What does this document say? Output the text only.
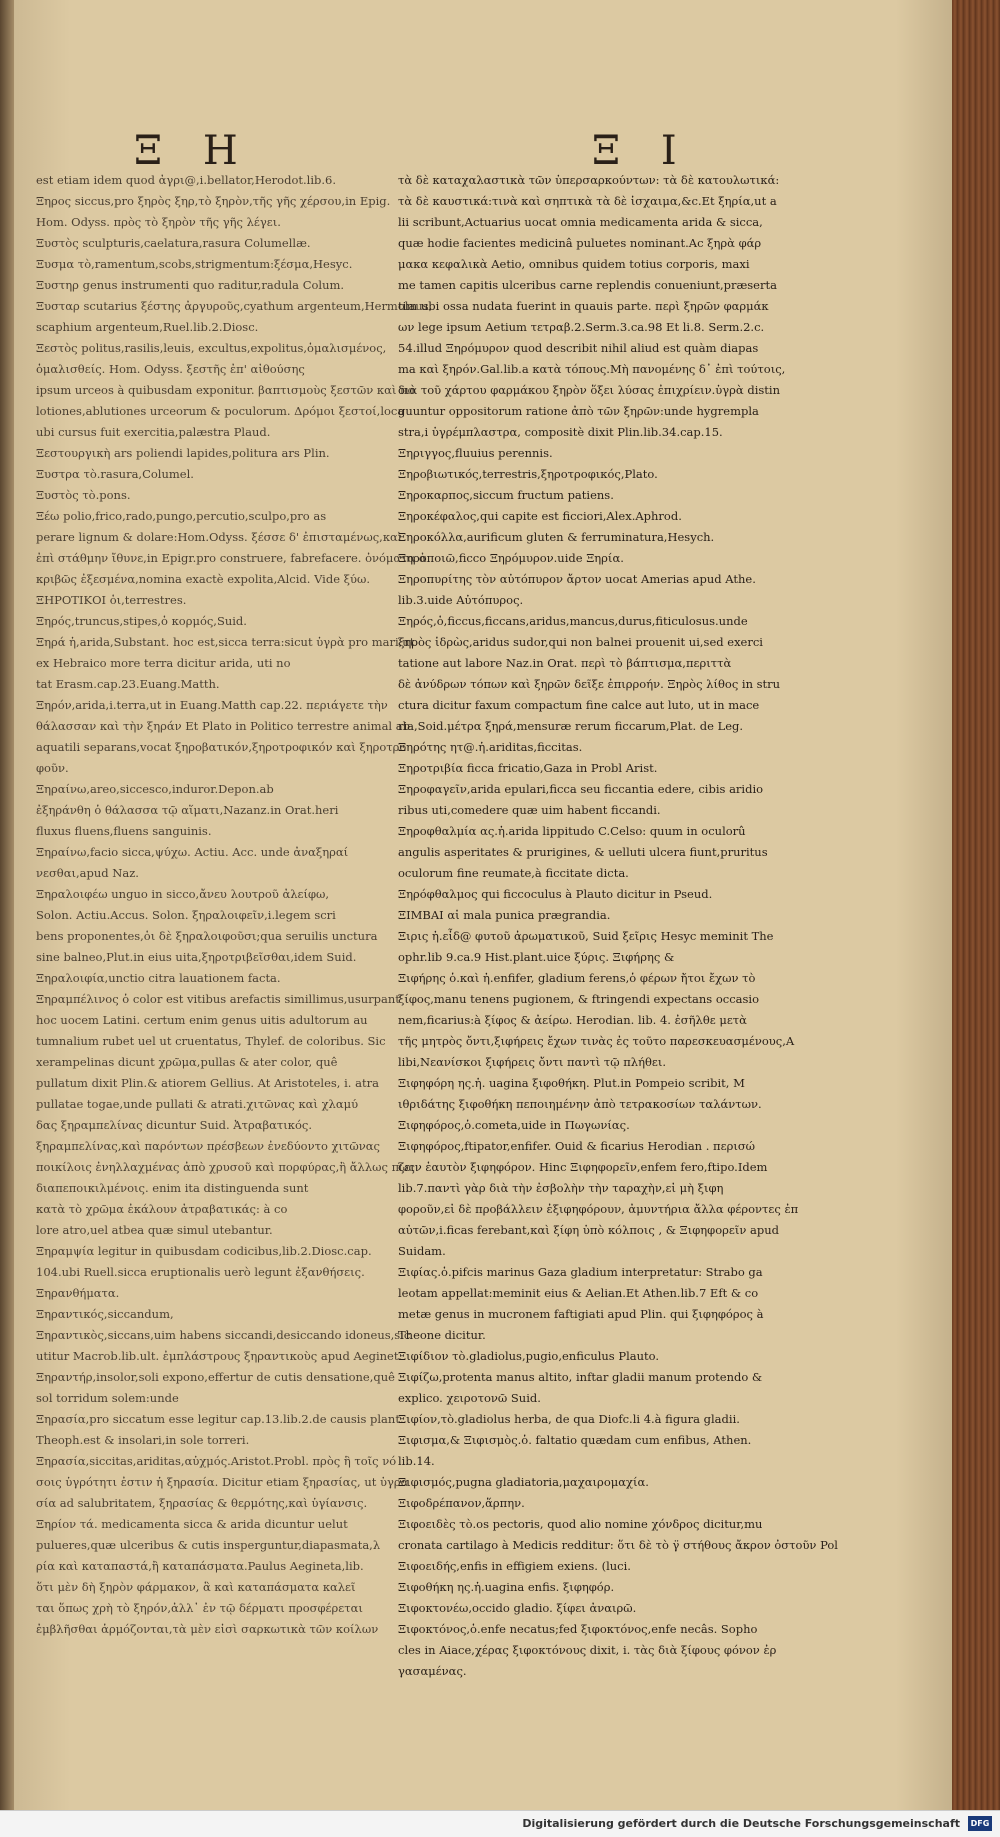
Ξ Η	Ξ Ι
est etiam idem quod ἀγρι@,i.bellator,Herodot.lib.6.
Ξηρος siccus,pro ξηρὸς ξηρ,τὸ ξηρὸν,τῆς γῆς χέρσου,in Epig.
Hom. Odyss. πρὸς τὸ ξηρὸν τῆς γῆς λέγει.
Ξυστὸς sculpturis,caelatura,rasura Columellæ.
Ξυσμα τὸ,ramentum,scobs,strigmentum:ξέσμα,Hesyc.
Ξυστηρ genus instrumenti quo raditur,radula Colum.
Ξυσταρ scutarius ξέστης ἀργυροῦς,cyathum argenteum,Hermolaus,
scaphium argenteum,Ruel.lib.2.Diosc.
Ξεστὸς politus,rasilis,leuis, excultus,expolitus,ὁμαλισμένος,
ὁμαλισθείς. Hom. Odyss. ξεστῆς ἐπ' αἰθούσης
ipsum urceos à quibusdam exponitur. βαπτισμοὺς ξεστῶν καὶ πο
lotiones,ablutiones urceorum & poculorum. Δρόμοι ξεστοί,loca
ubi cursus fuit exercitia,palæstra Plaud.
Ξεστουργικὴ ars poliendi lapides,politura ars Plin.
Ξυστρα τὸ.rasura,Columel.
Ξυστὸς τὸ.pons.
Ξέω polio,frico,rado,pungo,percutio,sculpo,pro as
perare lignum & dolare:Hom.Odyss. ξέσσε δ' ἐπισταμένως,καὶ
ἐπὶ στάθμην ἴθυνε,in Epigr.pro construere, fabrefacere. ὀνόματα ἀ
κριβῶς ἐξεσμένα,nomina exactè expolita,Alcid. Vide ξύω.
ΞΗΡΟΤΙΚΟΙ ὁι,terrestres.
Ξηρός,truncus,stipes,ὁ κορμός,Suid.
Ξηρά ἡ,arida,Substant. hoc est,sicca terra:sicut ὑγρὰ pro mari,ut
ex Hebraico more terra dicitur arida, uti no
tat Erasm.cap.23.Euang.Matth.
Ξηρόν,arida,i.terra,ut in Euang.Matth cap.22. περιάγετε τὴν
θάλασσαν καὶ τὴν ξηράν Et Plato in Politico terrestre animal ab
aquatili separans,vocat ξηροβατικόν,ξηροτροφικόν καὶ ξηροτρο
φοῦν.
Ξηραίνω,areo,siccesco,induror.Depon.ab
ἐξηράνθη ὁ θάλασσα τῷ αἵματι,Nazanz.in Orat.heri
fluxus fluens,fluens sanguinis.
Ξηραίνω,facio sicca,ψύχω. Actiu. Acc. unde ἀναξηραί
νεσθαι,apud Naz.
Ξηραλοιφέω unguo in sicco,ἄνευ λουτροῦ ἀλείφω,
Solon. Actiu.Accus. Solon. ξηραλοιφεῖν,i.legem scri
bens proponentes,ὁι δὲ ξηραλοιφοῦσι;qua seruilis unctura
sine balneo,Plut.in eius uita,ξηροτριβεῖσθαι,idem Suid.
Ξηραλοιφία,unctio citra lauationem facta.
Ξηραμπέλινος ὁ color est vitibus arefactis simillimus,usurpant
hoc uocem Latini. certum enim genus uitis adultorum au
tumnalium rubet uel ut cruentatus, Thylef. de coloribus. Sic
xerampelinas dicunt χρῶμα,pullas & ater color, quê
pullatum dixit Plin.& atiorem Gellius. At Aristoteles, i. atra
pullatae togae,unde pullati & atrati.χιτῶνας καὶ χλαμύ
δας ξηραμπελίνας dicuntur Suid. Ἀτραβατικός.
ξηραμπελίνας,καὶ παρόντων πρέσβεων ἐνεδύοντο χιτῶνας
ποικίλοις ἐνηλλαχμένας ἀπὸ χρυσοῦ καὶ πορφύρας,ἢ ἄλλως πως
διαπεποικιλμένοις. enim ita distinguenda sunt
κατὰ τὸ χρῶμα ἐκάλουν ἀτραβατικάς: à co
lore atro,uel atbea quæ simul utebantur.
Ξηραμψία legitur in quibusdam codicibus,lib.2.Diosc.cap.
104.ubi Ruell.sicca eruptionalis uerò legunt ἐξανθήσεις.
Ξηρανθήματα.
Ξηραντικός,siccandum,
Ξηραντικὸς,siccans,uim habens siccandi,desiccando idoneus,sic
utitur Macrob.lib.ult. ἐμπλάστρους ξηραντικοὺς apud Aeginet.
Ξηραντήρ,insolor,soli expono,effertur de cutis densatione,quê
sol torridum solem:unde
Ξηρασία,pro siccatum esse legitur cap.13.lib.2.de causis plant.
Theoph.est & insolari,in sole torreri.
Ξηρασία,siccitas,ariditas,αὐχμός.Aristot.Probl. πρὸς ἣ τοῖς νό
σοις ὑγρότητι ἐστιν ἡ ξηρασία. Dicitur etiam ξηρασίας, ut ὑγρα
σία ad salubritatem, ξηρασίας & θερμότης,καὶ ὑγίανσις.
Ξηρίον τά. medicamenta sicca & arida dicuntur uelut
pulueres,quæ ulceribus & cutis insperguntur,diapasmata,λ
ρία καὶ καταπαστά,ἢ καταπάσματα.Paulus Aegineta,lib.
ὅτι μὲν δὴ ξηρὸν φάρμακον, ἃ καὶ καταπάσματα καλεῖ
ται ὅπως χρὴ τὸ ξηρόν,ἀλλ᾽ ἐν τῷ δέρματι προσφέρεται
ἐμβλῆσθαι ἁρμόζονται,τὰ μὲν εἰσὶ σαρκωτικὰ τῶν κοίλων
τὰ δὲ καταχαλαστικὰ τῶν ὑπερσαρκούντων: τὰ δὲ κατουλωτικά:
τὰ δὲ καυστικά:τινὰ καὶ σηπτικὰ τὰ δὲ ἰσχαιμα,&c.Et ξηρία,ut a
lii scribunt,Actuarius uocat omnia medicamenta arida & sicca,
quæ hodie facientes medicinâ puluetes nominant.Ac ξηρὰ φάρ
μακα κεφαλικὰ Aetio, omnibus quidem totius corporis, maxi
me tamen capitis ulceribus carne replendis conueniunt,præserta
tim ubi ossa nudata fuerint in quauis parte. περὶ ξηρῶν φαρμάκ
ων lege ipsum Aetium τετραβ.2.Serm.3.ca.98 Et li.8. Serm.2.c.
54.illud Ξηρόμυρον quod describit nihil aliud est quàm diapas
ma καὶ ξηρόν.Gal.lib.a κατὰ τόπους.Μὴ πανομένης δ᾽ ἐπὶ τούτοις,
διὰ τοῦ χάρτου φαρμάκου ξηρὸν ὅξει λύσας ἐπιχρίειν.ὑγρὰ distin
guuntur oppositorum ratione ἀπὸ τῶν ξηρῶν:unde hygrempla
stra,i ὑγρέμπλαστρα, compositè dixit Plin.lib.34.cap.15.
Ξηριγγος,fluuius perennis.
Ξηροβιωτικός,terrestris,ξηροτροφικός,Plato.
Ξηροκαρπος,siccum fructum patiens.
Ξηροκέφαλος,qui capite est ficciori,Alex.Aphrod.
Ξηροκόλλα,aurificum gluten & ferruminatura,Hesych.
Ξηροποιῶ,ficco Ξηρόμυρον.uide Ξηρία.
Ξηροπυρίτης τὸν αὐτόπυρον ἄρτον uocat Amerias apud Athe.
lib.3.uide Αὐτόπυρος.
Ξηρός,ὁ,ficcus,ficcans,aridus,mancus,durus,fiticulosus.unde
ξηρὸς ἱδρὼς,aridus sudor,qui non balnei prouenit ui,sed exerci
tatione aut labore Naz.in Orat. περὶ τὸ βάπτισμα,περιττὰ
δὲ ἀνύδρων τόπων καὶ ξηρῶν δεῖξε ἐπιρροήν. Ξηρὸς λίθος in stru
ctura dicitur faxum compactum fine calce aut luto, ut in mace
ria,Soid.μέτρα ξηρά,mensuræ rerum ficcarum,Plat. de Leg.
Ξηρότης ητ@.ἡ.ariditas,ficcitas.
Ξηροτριβία ficca fricatio,Gaza in Probl Arist.
Ξηροφαγεῖν,arida epulari,ficca seu ficcantia edere, cibis aridio
ribus uti,comedere quæ uim habent ficcandi.
Ξηροφθαλμία ας.ἡ.arida lippitudo C.Celso: quum in oculorû
angulis asperitates & prurigines, & uelluti ulcera fiunt,pruritus
oculorum fine reumate,à ficcitate dicta.
Ξηρόφθαλμος qui ficcoculus à Plauto dicitur in Pseud.
ΞΙΜΒΑΙ αἱ mala punica prægrandia.
Ξιρις ἡ.εἶδ@ φυτοῦ ἀρωματικοῦ, Suid ξεῖρις Hesyc meminit The
ophr.lib 9.ca.9 Hist.plant.uice ξύρις. Ξιφήρης &
Ξιφήρης ὁ.καὶ ἡ.enfifer, gladium ferens,ὁ φέρων ἤτοι ἔχων τὸ
ξίφος,manu tenens pugionem, & ftringendi expectans occasio
nem,ficarius:à ξίφος & ἀείρω. Herodian. lib. 4. ἐσῆλθε μετὰ
τῆς μητρὸς ὄντι,ξιφήρεις ἔχων τινὰς ἐς τοῦτο παρεσκευασμένους,A
libi,Νεανίσκοι ξιφήρεις ὄντι παντὶ τῷ πλήθει.
Ξιφηφόρη ης.ἡ. uagina ξιφοθήκη. Plut.in Pompeio scribit, Μ
ιθριδάτης ξιφοθήκη πεποιημένην ἀπὸ τετρακοσίων ταλάντων.
Ξιφηφόρος,ὁ.cometa,uide in Πωγωνίας.
Ξιφηφόρος,ftipator,enfifer. Ouid & ficarius Herodian . περισώ
ζειν ἑαυτὸν ξιφηφόρον. Hinc Ξιφηφορεῖν,enfem fero,ftipo.Idem
lib.7.παντὶ γὰρ διὰ τὴν ἐσβολὴν τὴν ταραχὴν,εἰ μὴ ξιφη
φοροῦν,εἰ δὲ προβάλλειν ἐξιφηφόρουν, ἀμυντήρια ἄλλα φέροντες ἐπ
αὐτῶν,i.ficas ferebant,καὶ ξίφη ὑπὸ κόλποις , & Ξιφηφορεῖν apud
Suidam.
Ξιφίας.ὁ.pifcis marinus Gaza gladium interpretatur: Strabo ga
leotam appellat:meminit eius & Aelian.Et Athen.lib.7 Eft & co
metæ genus in mucronem faftigiati apud Plin. qui ξιφηφόρος à
Theone dicitur.
Ξιφίδιον τὸ.gladiolus,pugio,enficulus Plauto.
Ξιφίζω,protenta manus altito, inftar gladii manum protendo &
explico. χειροτονῶ Suid.
Ξιφίον,τὸ.gladiolus herba, de qua Diofc.li 4.à figura gladii.
Ξιφισμα,& Ξιφισμὸς.ὁ. faltatio quædam cum enfibus, Athen.
lib.14.
Ξιφισμός,pugna gladiatoria,μαχαιρομαχία.
Ξιφοδρέπανον,ἅρπην.
Ξιφοειδὲς τὸ.os pectoris, quod alio nomine χόνδρος dicitur,mu
cronata cartilago à Medicis redditur: ὅτι δὲ τὸ γ̈ στήθους ἄκρον ὀστοῦν Pol
Ξιφοειδής,enfis in effigiem exiens. (luci.
Ξιφοθήκη ης.ἡ.uagina enfis. ξιφηφόρ.
Ξιφοκτονέω,occido gladio. ξίφει ἀναιρῶ.
Ξιφοκτόνος,ὁ.enfe necatus;fed ξιφοκτόνος,enfe necâs. Sopho
cles in Aiace,χέρας ξιφοκτόνους dixit, i. τὰς διὰ ξίφους φόνον ἐρ
γασαμένας.
Digitalisierung gefördert durch die Deutsche Forschungsgemeinschaft	DFG
